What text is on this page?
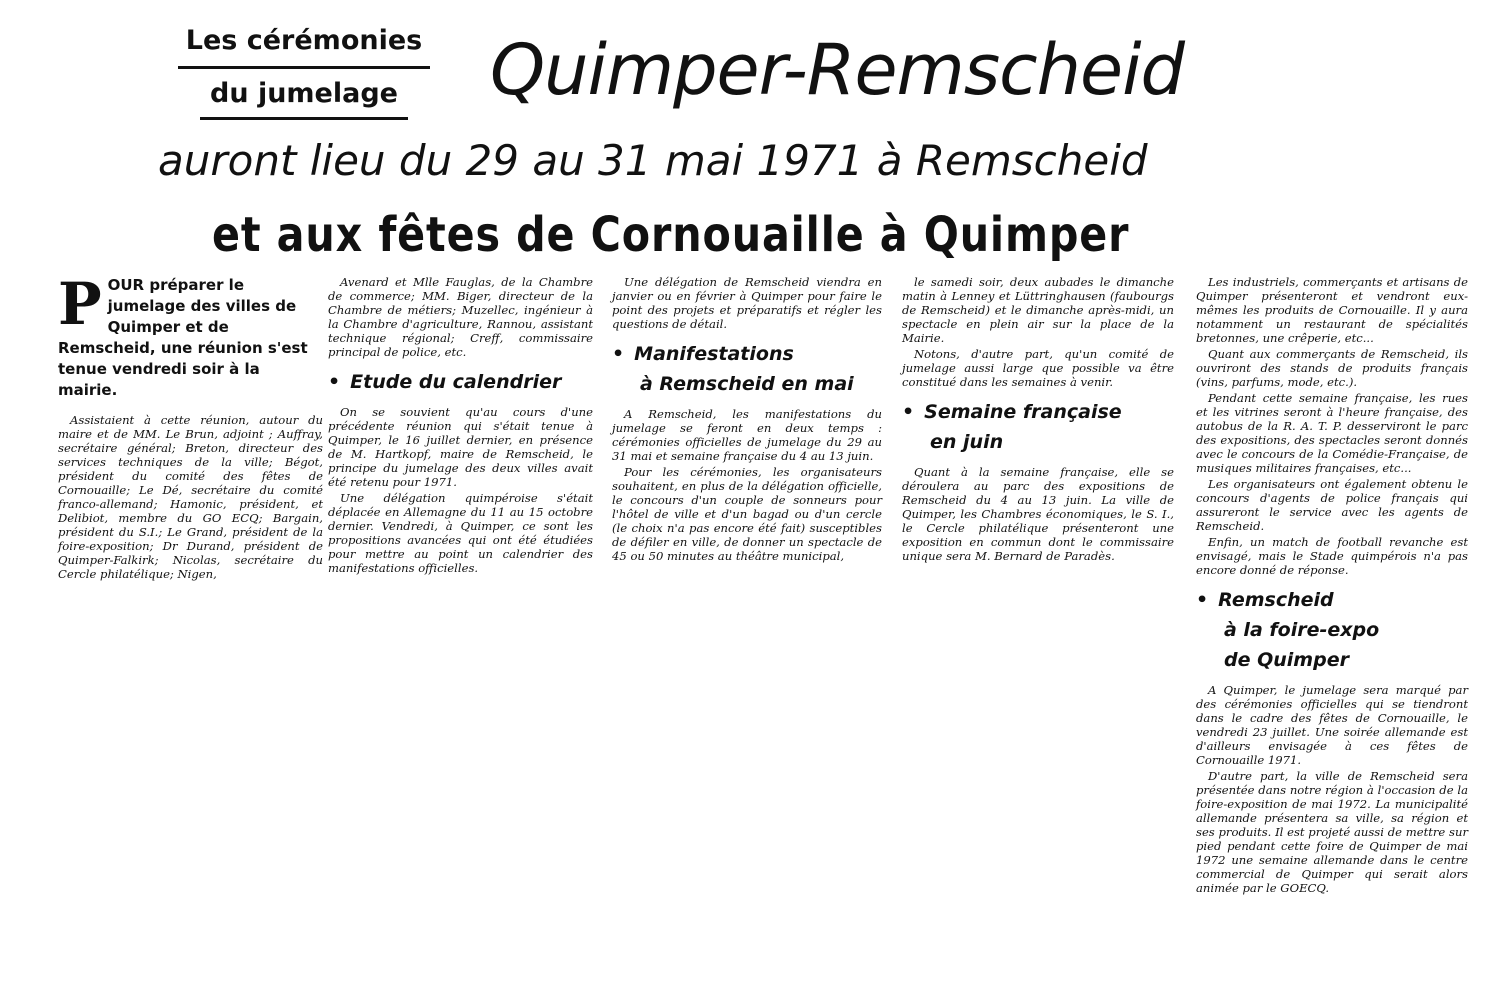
Les cérémonies
du jumelage Quimper-Remscheid
auront lieu du 29 au 31 mai 1971 à Remscheid
et aux fêtes de Cornouaille à Quimper
POUR préparer le jumelage des villes de Quimper et de Remscheid, une réunion s'est tenue vendredi soir à la mairie.

Assistaient à cette réunion, autour du maire et de MM. Le Brun, adjoint ; Auffray, secrétaire général; Breton, directeur des services techniques de la ville; Bégot, président du comité des fêtes de Cornouaille; Le Dé, secrétaire du comité franco-allemand; Hamonic, président, et Delibiot, membre du GO ECQ; Bargain, président du S.I.; Le Grand, président de la foire-exposition; Dr Durand, président de Quimper-Falkirk; Nicolas, secrétaire du Cercle philatélique; Nigen,

Avenard et Mlle Fauglas, de la Chambre de commerce; MM. Biger, directeur de la Chambre de métiers; Muzellec, ingénieur à la Chambre d'agriculture, Rannou, assistant technique régional; Creff, commissaire principal de police, etc.

• Etude du calendrier

On se souvient qu'au cours d'une précédente réunion qui s'était tenue à Quimper, le 16 juillet dernier, en présence de M. Hartkopf, maire de Remscheid, le principe du jumelage des deux villes avait été retenu pour 1971.

Une délégation quimpéroise s'était déplacée en Allemagne du 11 au 15 octobre dernier. Vendredi, à Quimper, ce sont les propositions avancées qui ont été étudiées pour mettre au point un calendrier des manifestations officielles.

Une délégation de Remscheid viendra en janvier ou en février à Quimper pour faire le point des projets et préparatifs et régler les questions de détail.

• Manifestations
à Remscheid en mai

A Remscheid, les manifestations du jumelage se feront en deux temps : cérémonies officielles de jumelage du 29 au 31 mai et semaine française du 4 au 13 juin.

Pour les cérémonies, les organisateurs souhaitent, en plus de la délégation officielle, le concours d'un couple de sonneurs pour l'hôtel de ville et d'un bagad ou d'un cercle (le choix n'a pas encore été fait) susceptibles de défiler en ville, de donner un spectacle de 45 ou 50 minutes au théâtre municipal,

le samedi soir, deux aubades le dimanche matin à Lenney et Lüttringhausen (faubourgs de Remscheid) et le dimanche après-midi, un spectacle en plein air sur la place de la Mairie.

Notons, d'autre part, qu'un comité de jumelage aussi large que possible va être constitué dans les semaines à venir.

• Semaine française
en juin

Quant à la semaine française, elle se déroulera au parc des expositions de Remscheid du 4 au 13 juin. La ville de Quimper, les Chambres économiques, le S. I., le Cercle philatélique présenteront une exposition en commun dont le commissaire unique sera M. Bernard de Paradès.

Les industriels, commerçants et artisans de Quimper présenteront et vendront eux-mêmes les produits de Cornouaille. Il y aura notamment un restaurant de spécialités bretonnes, une crêperie, etc...

Quant aux commerçants de Remscheid, ils ouvriront des stands de produits français (vins, parfums, mode, etc.).

Pendant cette semaine française, les rues et les vitrines seront à l'heure française, des autobus de la R. A. T. P. desserviront le parc des expositions, des spectacles seront donnés avec le concours de la Comédie-Française, de musiques militaires françaises, etc...

Les organisateurs ont également obtenu le concours d'agents de police français qui assureront le service avec les agents de Remscheid.

Enfin, un match de football revanche est envisagé, mais le Stade quimpérois n'a pas encore donné de réponse.

• Remscheid
à la foire-expo
de Quimper

A Quimper, le jumelage sera marqué par des cérémonies officielles qui se tiendront dans le cadre des fêtes de Cornouaille, le vendredi 23 juillet. Une soirée allemande est d'ailleurs envisagée à ces fêtes de Cornouaille 1971.

D'autre part, la ville de Remscheid sera présentée dans notre région à l'occasion de la foire-exposition de mai 1972. La municipalité allemande présentera sa ville, sa région et ses produits. Il est projeté aussi de mettre sur pied pendant cette foire de Quimper de mai 1972 une semaine allemande dans le centre commercial de Quimper qui serait alors animée par le GOECQ.
